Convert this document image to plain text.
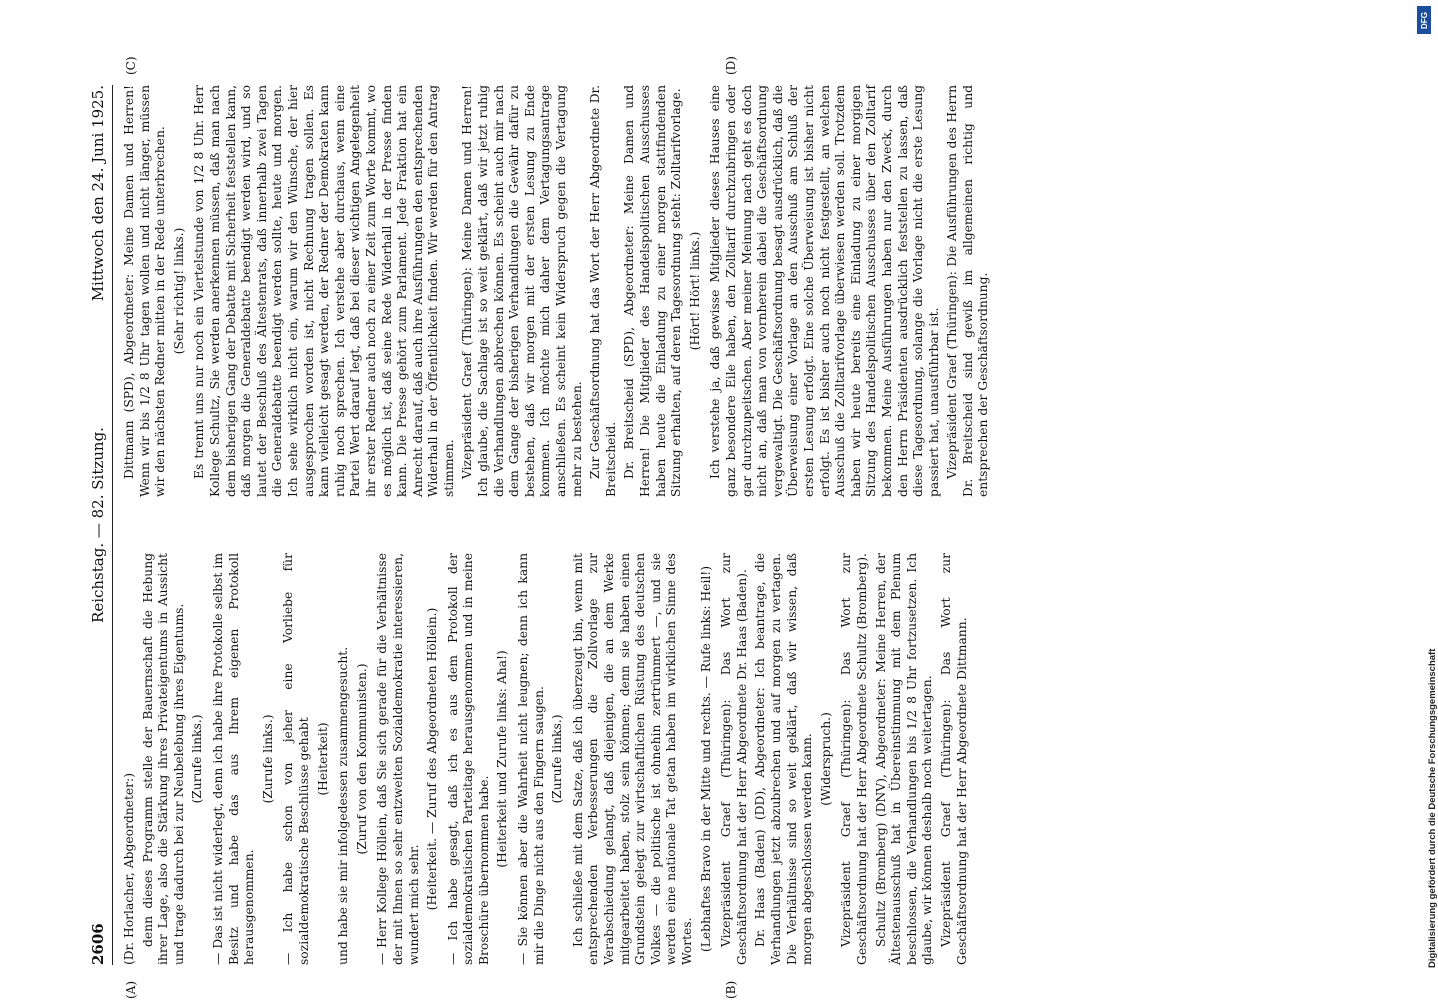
2606
Reichstag. — 82. Sitzung.
Mittwoch den 24. Juni 1925.

(Dr. Horlacher, Abgeordneter:) denn dieses Programm stelle der Bauernschaft die Hebung ihrer Lage, also die Stärkung ihres Privateigentums in Aussicht und trage dadurch bei zur Neubelebung ihres Eigentums. (Zurufe links.) — Das ist nicht widerlegt, denn ich habe ihre Protokolle selbst im Besitz und habe das aus Ihrem eigenen Protokoll herausgenommen.

(Zurufe links.) — Ich habe schon von jeher eine Vorliebe für sozialdemokratische Beschlüsse gehabt (Heiterkeit) und habe sie mir infolgedessen zusammengesucht. (Zuruf von den Kommunisten.) — Herr Kollege Höllein, daß Sie sich gerade für die Verhältnisse der mit Ihnen so sehr entzweiten Sozialdemokratie interessieren, wundert mich sehr. (Heiterkeit. — Zuruf des Abgeordneten Höllein.) — Ich habe gesagt, daß ich es aus dem Protokoll der sozialdemokratischen Parteitage herausgenommen und in meine Broschüre übernommen habe.

(Heiterkeit und Zurufe links: Aha!) — Sie können aber die Wahrheit nicht leugnen; denn ich kann mir die Dinge nicht aus den Fingern saugen. (Zurufe links.) Ich schließe mit dem Satze, daß ich überzeugt bin, wenn mit entsprechenden Verbesserungen die Zollvorlage zur Verabschiedung gelangt, daß diejenigen, die an dem Werke mitgearbeitet haben, stolz sein können; denn sie haben einen Grundstein gelegt zur wirtschaftlichen Rüstung des deutschen Volkes — die politische ist ohnehin zertrümmert —, und sie werden eine nationale Tat getan haben im wirklichen Sinne des Wortes. (Lebhaftes Bravo in der Mitte und rechts. — Rufe links: Heil!) Vizepräsident Graef (Thüringen): Das Wort zur Geschäftsordnung hat der Herr Abgeordnete Dr. Haas (Baden). Dr. Haas (Baden) (DD), Abgeordneter: Ich beantrage, die Verhandlungen jetzt abzubrechen und auf morgen zu vertagen. Die Verhältnisse sind so weit geklärt, daß wir wissen, daß morgen abgeschlossen werden kann. (Widerspruch.) Vizepräsident Graef (Thüringen): Das Wort zur Geschäftsordnung hat der Herr Abgeordnete Schultz (Bromberg). Schultz (Bromberg) (DNV), Abgeordneter: Meine Herren, der Ältestenausschuß hat in Übereinstimmung mit dem Plenum beschlossen, die Verhandlungen bis 1/2 8 Uhr fortzusetzen. Ich glaube, wir können deshalb noch weitertagen. Vizepräsident Graef (Thüringen): Das Wort zur Geschäftsordnung hat der Herr Abgeordnete Dittmann.

Dittmann (SPD), Abgeordneter: Meine Damen und Herren! Wenn wir bis 1/2 8 Uhr tagen wollen und nicht länger, müssen wir den nächsten Redner mitten in der Rede unterbrechen. (Sehr richtig! links.) Es trennt uns nur noch ein Viertelstunde von 1/2 8 Uhr. Herr Kollege Schultz, Sie werden anerkennen müssen, daß man nach dem bisherigen Gang der Debatte mit Sicherheit feststellen kann, daß morgen die Generaldebatte beendigt werden wird, und so lautet der Beschluß des Ältestenrats, daß innerhalb zwei Tagen die Generaldebatte beendigt werden sollte, heute und morgen. Ich sehe wirklich nicht ein, warum wir den Wünsche, der hier ausgesprochen worden ist, nicht Rechnung tragen sollen. Es kann vielleicht gesagt werden, der Redner der Demokraten kann ruhig noch sprechen. Ich verstehe aber durchaus, wenn eine Partei Wert darauf legt, daß bei dieser wichtigen Angelegenheit ihr erster Redner auch noch zu einer Zeit zum Worte kommt, wo es möglich ist, daß seine Rede Widerhall in der Presse finden kann. Die Presse gehört zum Parlament. Jede Fraktion hat ein Anrecht darauf, daß auch ihre Ausführungen den entsprechenden Widerhall in der Öffentlichkeit finden. Wir werden für den Antrag stimmen. Vizepräsident Graef (Thüringen): Meine Damen und Herren! Ich glaube, die Sachlage ist so weit geklärt, daß wir jetzt ruhig die Verhandlungen abbrechen können. Es scheint auch mir nach dem Gange der bisherigen Verhandlungen die Gewähr dafür zu bestehen, daß wir morgen mit der ersten Lesung zu Ende kommen. Ich möchte mich daher dem Vertagungsantrage anschließen. Es scheint kein Widerspruch gegen die Vertagung mehr zu bestehen. Zur Geschäftsordnung hat das Wort der Herr Abgeordnete Dr. Breitscheid. Dr. Breitscheid (SPD), Abgeordneter: Meine Damen und Herren! Die Mitglieder des Handelspolitischen Ausschusses haben heute die Einladung zu einer morgen stattfindenden Sitzung erhalten, auf deren Tagesordnung steht: Zolltarifvorlage. (Hört! Hört! links.) Ich verstehe ja, daß gewisse Mitglieder dieses Hauses eine ganz besondere Eile haben, den Zolltarif durchzubringen oder gar durchzupeitschen. Aber meiner Meinung nach geht es doch nicht an, daß man von vornherein dabei die Geschäftsordnung vergewaltigt. Die Geschäftsordnung besagt ausdrücklich, daß die Überweisung einer Vorlage an den Ausschuß am Schluß der ersten Lesung erfolgt. Eine solche Überweisung ist bisher nicht erfolgt. Es ist bisher auch noch nicht festgestellt, an welchen Ausschuß die Zolltarifvorlage überwiesen werden soll. Trotzdem haben wir heute bereits eine Einladung zu einer morgigen Sitzung des Handelspolitischen Ausschusses über den Zolltarif bekommen. Meine Ausführungen haben nur den Zweck, durch den Herrn Präsidenten ausdrücklich feststellen zu lassen, daß diese Tagesordnung, solange die Vorlage nicht die erste Lesung passiert hat, unausführbar ist. Vizepräsident Graef (Thüringen): Die Ausführungen des Herrn Dr. Breitscheid sind gewiß im allgemeinen richtig und entsprechen der Geschäftsordnung.

(A)	(B)
(C)	(D)
DFG
Digitalisierung gefördert durch die Deutsche Forschungsgemeinschaft
